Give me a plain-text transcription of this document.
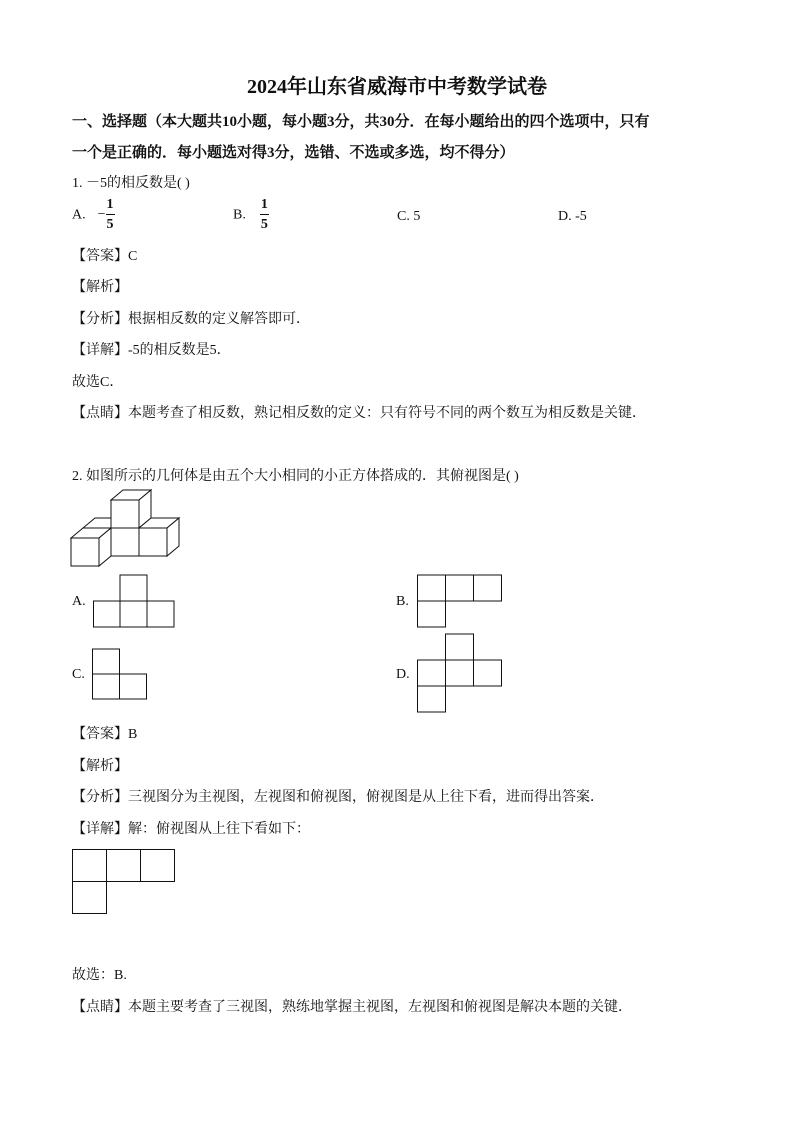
2024年山东省威海市中考数学试卷
一、选择题（本大题共10小题，每小题3分，共30分．在每小题给出的四个选项中，只有
一个是正确的．每小题选对得3分，选错、不选或多选，均不得分）
1. －5的相反数是( )
A. − $\frac{1}{5}$	B. $\frac{1}{5}$	C. 5	D. -5
【答案】C
【解析】
【分析】根据相反数的定义解答即可．
【详解】-5的相反数是5．
故选C．
【点睛】本题考查了相反数，熟记相反数的定义：只有符号不同的两个数互为相反数是关键．
2. 如图所示的几何体是由五个大小相同的小正方体搭成的．其俯视图是( )
A.	B.
C.	D.
【答案】B
【解析】
【分析】三视图分为主视图，左视图和俯视图，俯视图是从上往下看，进而得出答案．
【详解】解：俯视图从上往下看如下：
故选：B.
【点睛】本题主要考查了三视图，熟练地掌握主视图，左视图和俯视图是解决本题的关键．
